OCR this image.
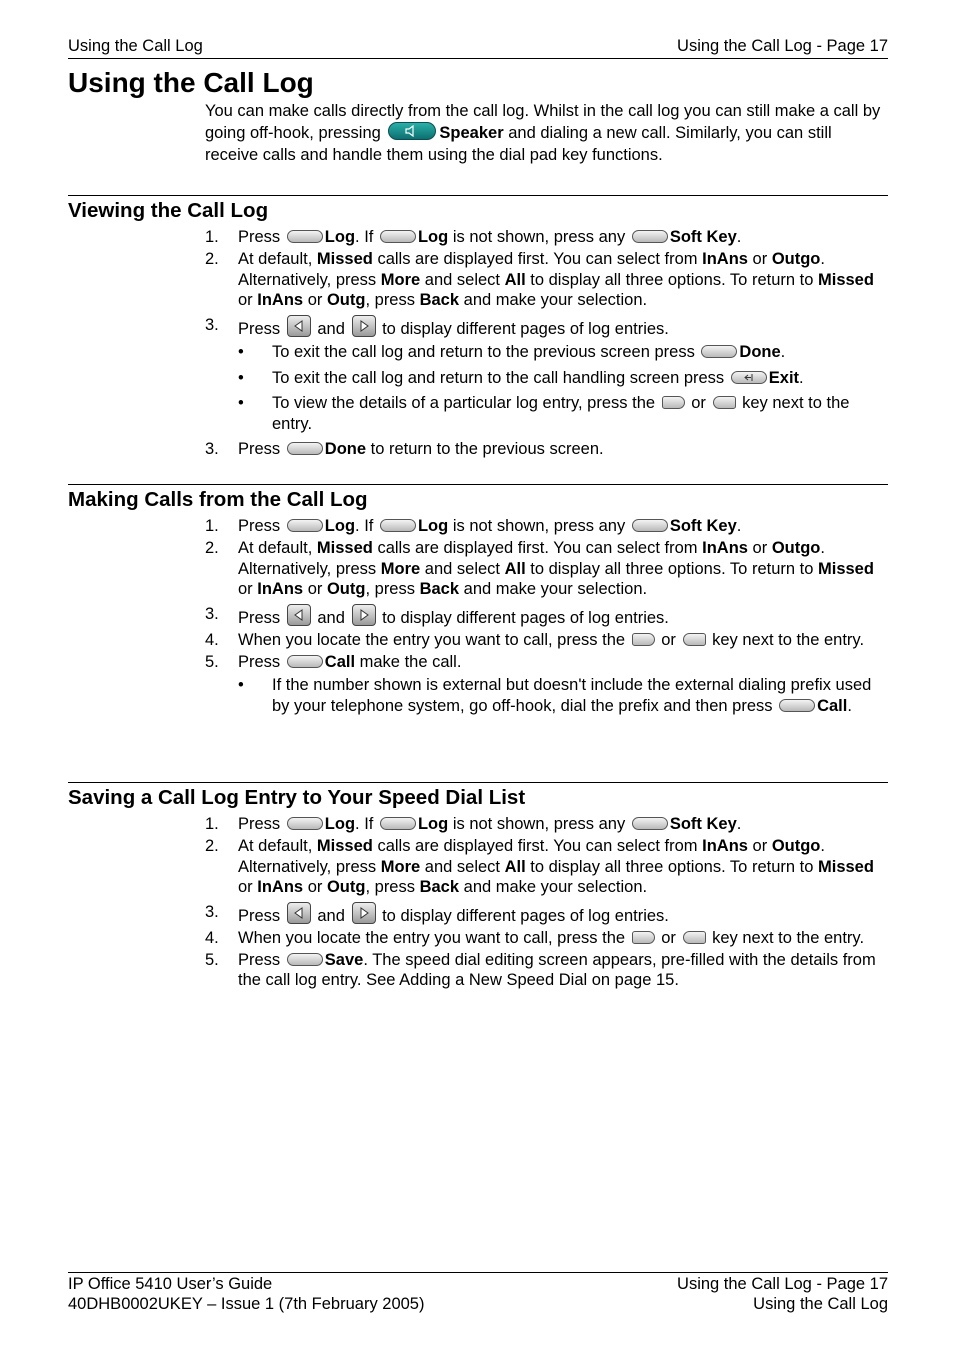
Using the Call Log	Using the Call Log - Page 17
Using the Call Log

You can make calls directly from the call log. Whilst in the call log you can still make a call by going off-hook, pressing	Speaker and dialing a new call. Similarly, you can still receive calls and handle them using the dial pad key functions.

Viewing the Call Log
1. Press	Log. If	Log is not shown, press any	Soft Key.
2. At default, Missed calls are displayed first. You can select from InAns or Outgo. Alternatively, press More and select All to display all three options. To return to Missed or InAns or Outg, press Back and make your selection.
3. Press and to display different pages of log entries.
• To exit the call log and return to the previous screen press	Done.
• To exit the call log and return to the call handling screen press	Exit.
• To view the details of a particular log entry, press the or key next to the entry.
3. Press	Done to return to the previous screen.
Making Calls from the Call Log
1. Press	Log. If	Log is not shown, press any	Soft Key.
2. At default, Missed calls are displayed first. You can select from InAns or Outgo. Alternatively, press More and select All to display all three options. To return to Missed or InAns or Outg, press Back and make your selection.
3. Press and to display different pages of log entries.
4. When you locate the entry you want to call, press the or key next to the entry.
5. Press	Call make the call.
• If the number shown is external but doesn't include the external dialing prefix used by your telephone system, go off-hook, dial the prefix and then press	Call.
Saving a Call Log Entry to Your Speed Dial List
1. Press	Log. If	Log is not shown, press any	Soft Key.
2. At default, Missed calls are displayed first. You can select from InAns or Outgo. Alternatively, press More and select All to display all three options. To return to Missed or InAns or Outg, press Back and make your selection.
3. Press and to display different pages of log entries.
4. When you locate the entry you want to call, press the or key next to the entry.
5. Press	Save. The speed dial editing screen appears, pre-filled with the details from the call log entry. See Adding a New Speed Dial on page 15.
IP Office 5410 User’s Guide	Using the Call Log - Page 17
40DHB0002UKEY – Issue 1 (7th February 2005)	Using the Call Log
